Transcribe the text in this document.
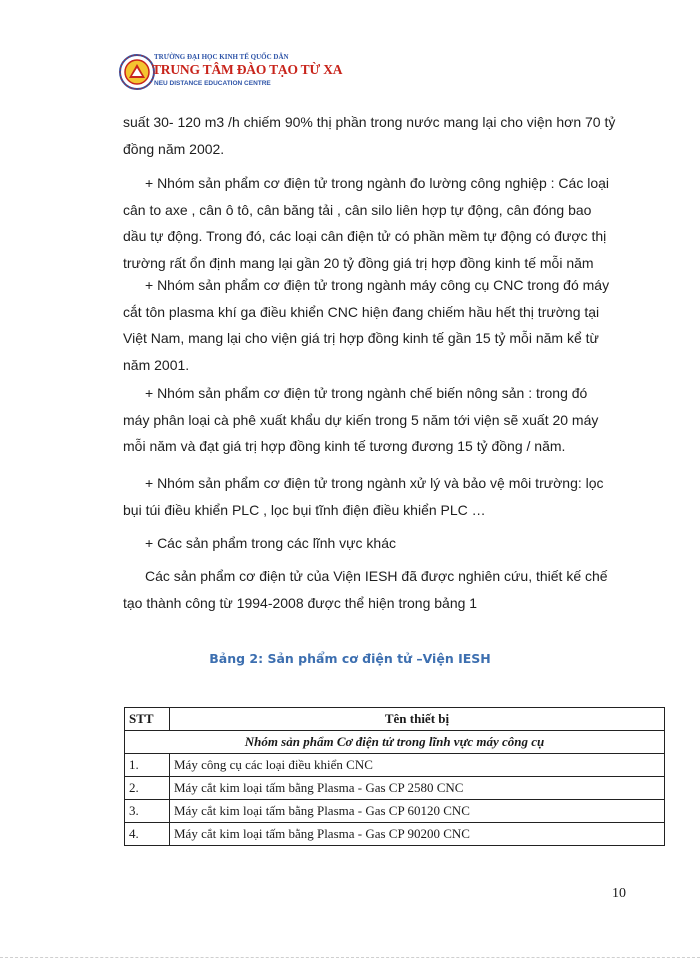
TRƯỜNG ĐẠI HỌC KINH TẾ QUỐC DÂN
TRUNG TÂM ĐÀO TẠO TỪ XA
NEU DISTANCE EDUCATION CENTRE
suất 30- 120 m3 /h chiếm 90% thị phần trong nước mang lại cho viện hơn 70 tỷ
đồng năm 2002.
+ Nhóm sản phẩm cơ điện tử trong ngành đo lường công nghiệp : Các loại
cân to axe , cân ô tô, cân băng tải , cân silo liên hợp tự động, cân đóng bao
dầu tự động. Trong đó, các loại cân điện tử có phần mềm tự động có được thị
trường rất ổn định mang lại gần 20 tỷ đồng giá trị hợp đồng kinh tế mỗi năm
+ Nhóm sản phẩm cơ điện tử trong ngành máy công cụ CNC trong đó máy
cắt tôn plasma khí ga điều khiển CNC hiện đang chiếm hầu hết thị trường tại
Việt Nam, mang lại cho viện giá trị hợp đồng kinh tế gần 15 tỷ mỗi năm kể từ
năm 2001.
+ Nhóm sản phẩm cơ điện tử trong ngành chế biến nông sản : trong đó
máy phân loại cà phê xuất khẩu dự kiến trong 5 năm tới viện sẽ xuất 20 máy
mỗi năm và đạt giá trị hợp đồng kinh tế tương đương 15 tỷ đồng / năm.
+ Nhóm sản phẩm cơ điện tử trong ngành xử lý và bảo vệ môi trường: lọc
bụi túi điều khiển PLC , lọc bụi tĩnh điện điều khiển PLC …
+ Các sản phẩm trong các lĩnh vực khác
Các sản phẩm cơ điện tử của Viện IESH đã được nghiên cứu, thiết kế chế
tạo thành công từ 1994-2008 được thể hiện trong bảng 1
Bảng 2: Sản phẩm cơ điện tử –Viện IESH
STT	Tên thiết bị
Nhóm sản phẩm Cơ điện tử trong lĩnh vực máy công cụ	
1.	Máy công cụ các loại điều khiển CNC
2.	Máy cắt kim loại tấm bằng Plasma - Gas CP 2580 CNC
3.	Máy cắt kim loại tấm bằng Plasma - Gas CP 60120 CNC
4.	Máy cắt kim loại tấm bằng Plasma - Gas CP 90200 CNC
10
